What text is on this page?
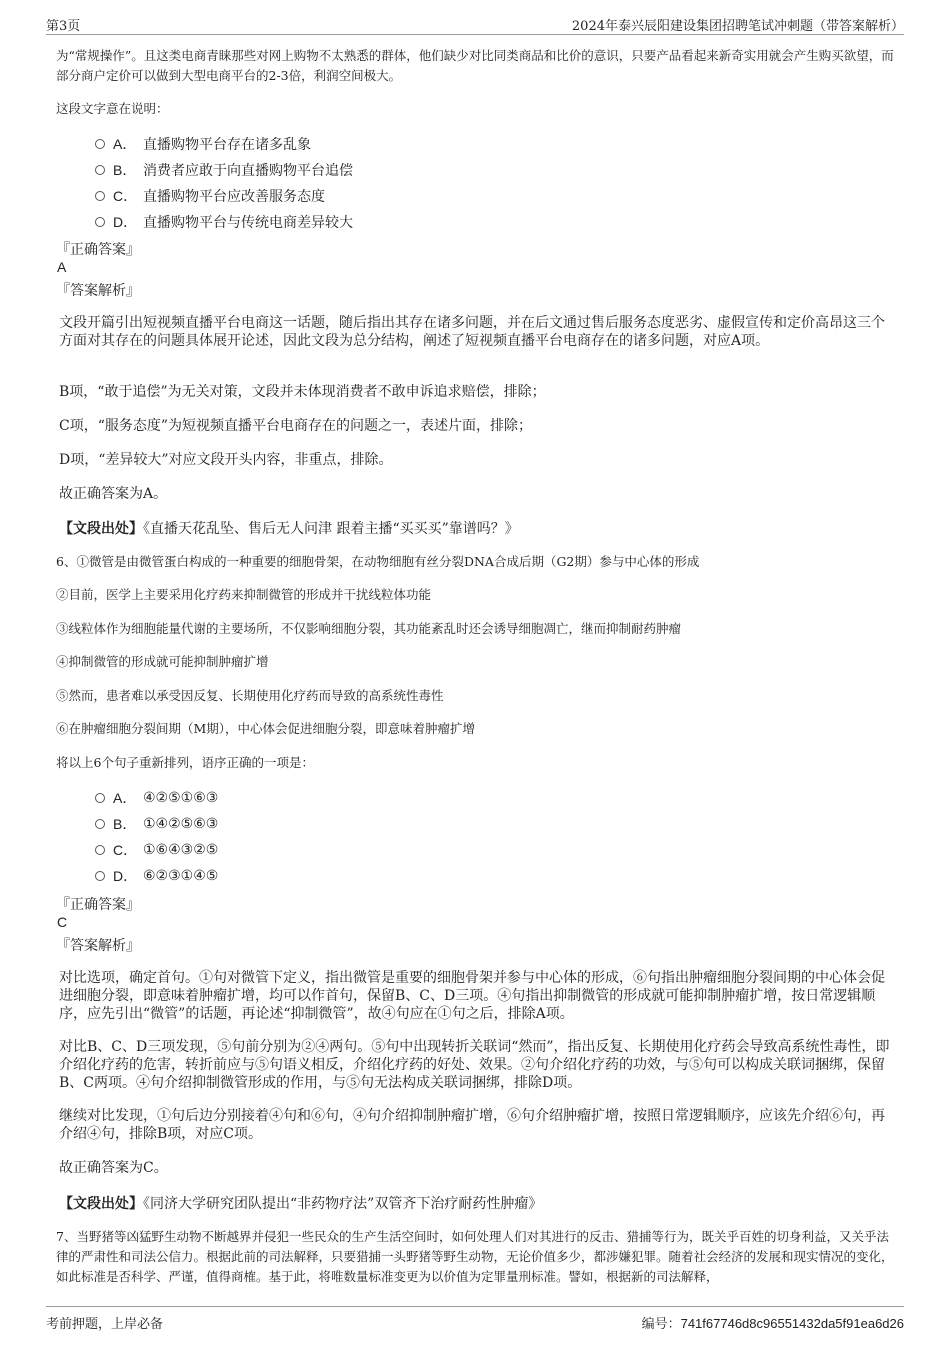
第3页	2024年泰兴辰阳建设集团招聘笔试冲刺题（带答案解析）

为“常规操作”。且这类电商青睐那些对网上购物不太熟悉的群体，他们缺少对比同类商品和比价的意识，只要产品看起来新奇实用就会产生购买欲望，而部分商户定价可以做到大型电商平台的2-3倍，利润空间极大。

这段文字意在说明：

A． 直播购物平台存在诸多乱象
B． 消费者应敢于向直播购物平台追偿
C． 直播购物平台应改善服务态度
D． 直播购物平台与传统电商差异较大
『正确答案』
A
『答案解析』

文段开篇引出短视频直播平台电商这一话题，随后指出其存在诸多问题，并在后文通过售后服务态度恶劣、虚假宣传和定价高昂这三个方面对其存在的问题具体展开论述，因此文段为总分结构，阐述了短视频直播平台电商存在的诸多问题，对应A项。

B项，“敢于追偿”为无关对策，文段并未体现消费者不敢申诉追求赔偿，排除；

C项，“服务态度”为短视频直播平台电商存在的问题之一，表述片面，排除；

D项，“差异较大”对应文段开头内容，非重点，排除。

故正确答案为A。

【文段出处】《直播天花乱坠、售后无人问津 跟着主播“买买买”靠谱吗？》

6、①微管是由微管蛋白构成的一种重要的细胞骨架，在动物细胞有丝分裂DNA合成后期（G2期）参与中心体的形成

②目前，医学上主要采用化疗药来抑制微管的形成并干扰线粒体功能

③线粒体作为细胞能量代谢的主要场所，不仅影响细胞分裂，其功能紊乱时还会诱导细胞凋亡，继而抑制耐药肿瘤

④抑制微管的形成就可能抑制肿瘤扩增

⑤然而，患者难以承受因反复、长期使用化疗药而导致的高系统性毒性

⑥在肿瘤细胞分裂间期（M期），中心体会促进细胞分裂，即意味着肿瘤扩增

将以上6个句子重新排列，语序正确的一项是：

A． ④②⑤①⑥③
B． ①④②⑤⑥③
C． ①⑥④③②⑤
D． ⑥②③①④⑤
『正确答案』
C
『答案解析』

对比选项，确定首句。①句对微管下定义，指出微管是重要的细胞骨架并参与中心体的形成，⑥句指出肿瘤细胞分裂间期的中心体会促进细胞分裂，即意味着肿瘤扩增，均可以作首句，保留B、C、D三项。④句指出抑制微管的形成就可能抑制肿瘤扩增，按日常逻辑顺序，应先引出“微管”的话题，再论述“抑制微管”，故④句应在①句之后，排除A项。

对比B、C、D三项发现，⑤句前分别为②④两句。⑤句中出现转折关联词“然而”，指出反复、长期使用化疗药会导致高系统性毒性，即介绍化疗药的危害，转折前应与⑤句语义相反，介绍化疗药的好处、效果。②句介绍化疗药的功效，与⑤句可以构成关联词捆绑，保留B、C两项。④句介绍抑制微管形成的作用，与⑤句无法构成关联词捆绑，排除D项。

继续对比发现，①句后边分别接着④句和⑥句，④句介绍抑制肿瘤扩增，⑥句介绍肿瘤扩增，按照日常逻辑顺序，应该先介绍⑥句，再介绍④句，排除B项，对应C项。

故正确答案为C。

【文段出处】《同济大学研究团队提出“非药物疗法”双管齐下治疗耐药性肿瘤》

7、当野猪等凶猛野生动物不断越界并侵犯一些民众的生产生活空间时，如何处理人们对其进行的反击、猎捕等行为，既关乎百姓的切身利益，又关乎法律的严肃性和司法公信力。根据此前的司法解释，只要猎捕一头野猪等野生动物，无论价值多少，都涉嫌犯罪。随着社会经济的发展和现实情况的变化，如此标准是否科学、严谨，值得商榷。基于此，将唯数量标准变更为以价值为定罪量刑标准。譬如，根据新的司法解释，

考前押题，上岸必备	编号：741f67746d8c96551432da5f91ea6d26
